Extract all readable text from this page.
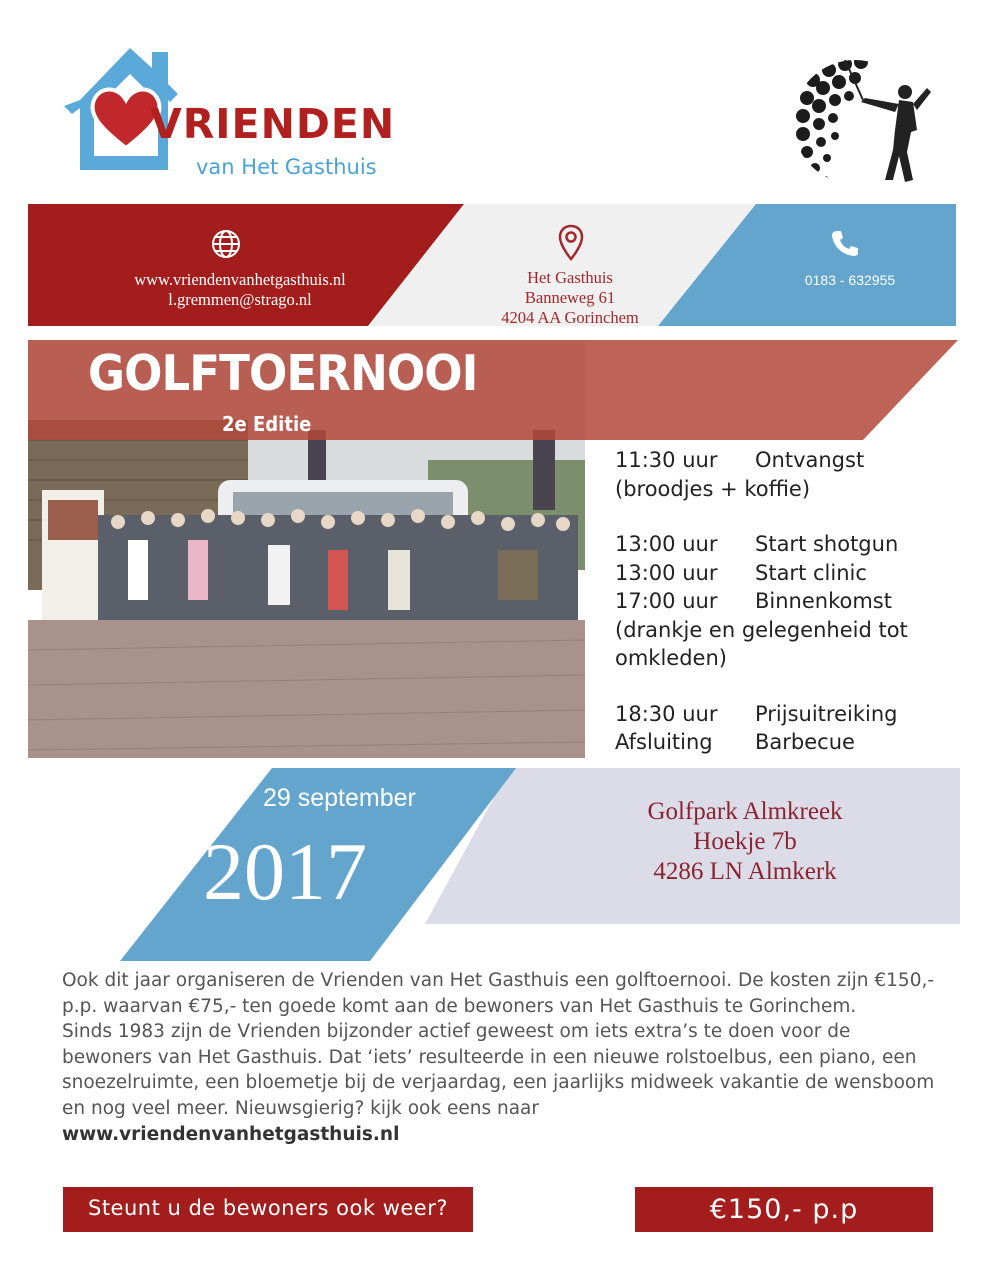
VRIENDEN
van Het Gasthuis
www.vriendenvanhetgasthuis.nl
l.gremmen@strago.nl
Het Gasthuis
Banneweg 61
4204 AA Gorinchem
0183 - 632955
GOLFTOERNOOI
2e Editie
11:30 uur	Ontvangst
(broodjes + koffie)
13:00 uur	Start shotgun
13:00 uur	Start clinic
17:00 uur	Binnenkomst
(drankje en gelegenheid tot omkleden)
18:30 uur	Prijsuitreiking
Afsluiting	Barbecue
29 september
2017
Golfpark Almkreek
Hoekje 7b
4286 LN Almkerk

Ook dit jaar organiseren de Vrienden van Het Gasthuis een golftoernooi. De kosten zijn €150,- p.p. waarvan €75,- ten goede komt aan de bewoners van Het Gasthuis te Gorinchem.

Sinds 1983 zijn de Vrienden bijzonder actief geweest om iets extra’s te doen voor de bewoners van Het Gasthuis. Dat ‘iets’ resulteerde in een nieuwe rolstoelbus, een piano, een snoezelruimte, een bloemetje bij de verjaardag, een jaarlijks midweek vakantie de wensboom en nog veel meer. Nieuwsgierig? kijk ook eens naar

www.vriendenvanhetgasthuis.nl

Steunt u de bewoners ook weer?	€150,- p.p
